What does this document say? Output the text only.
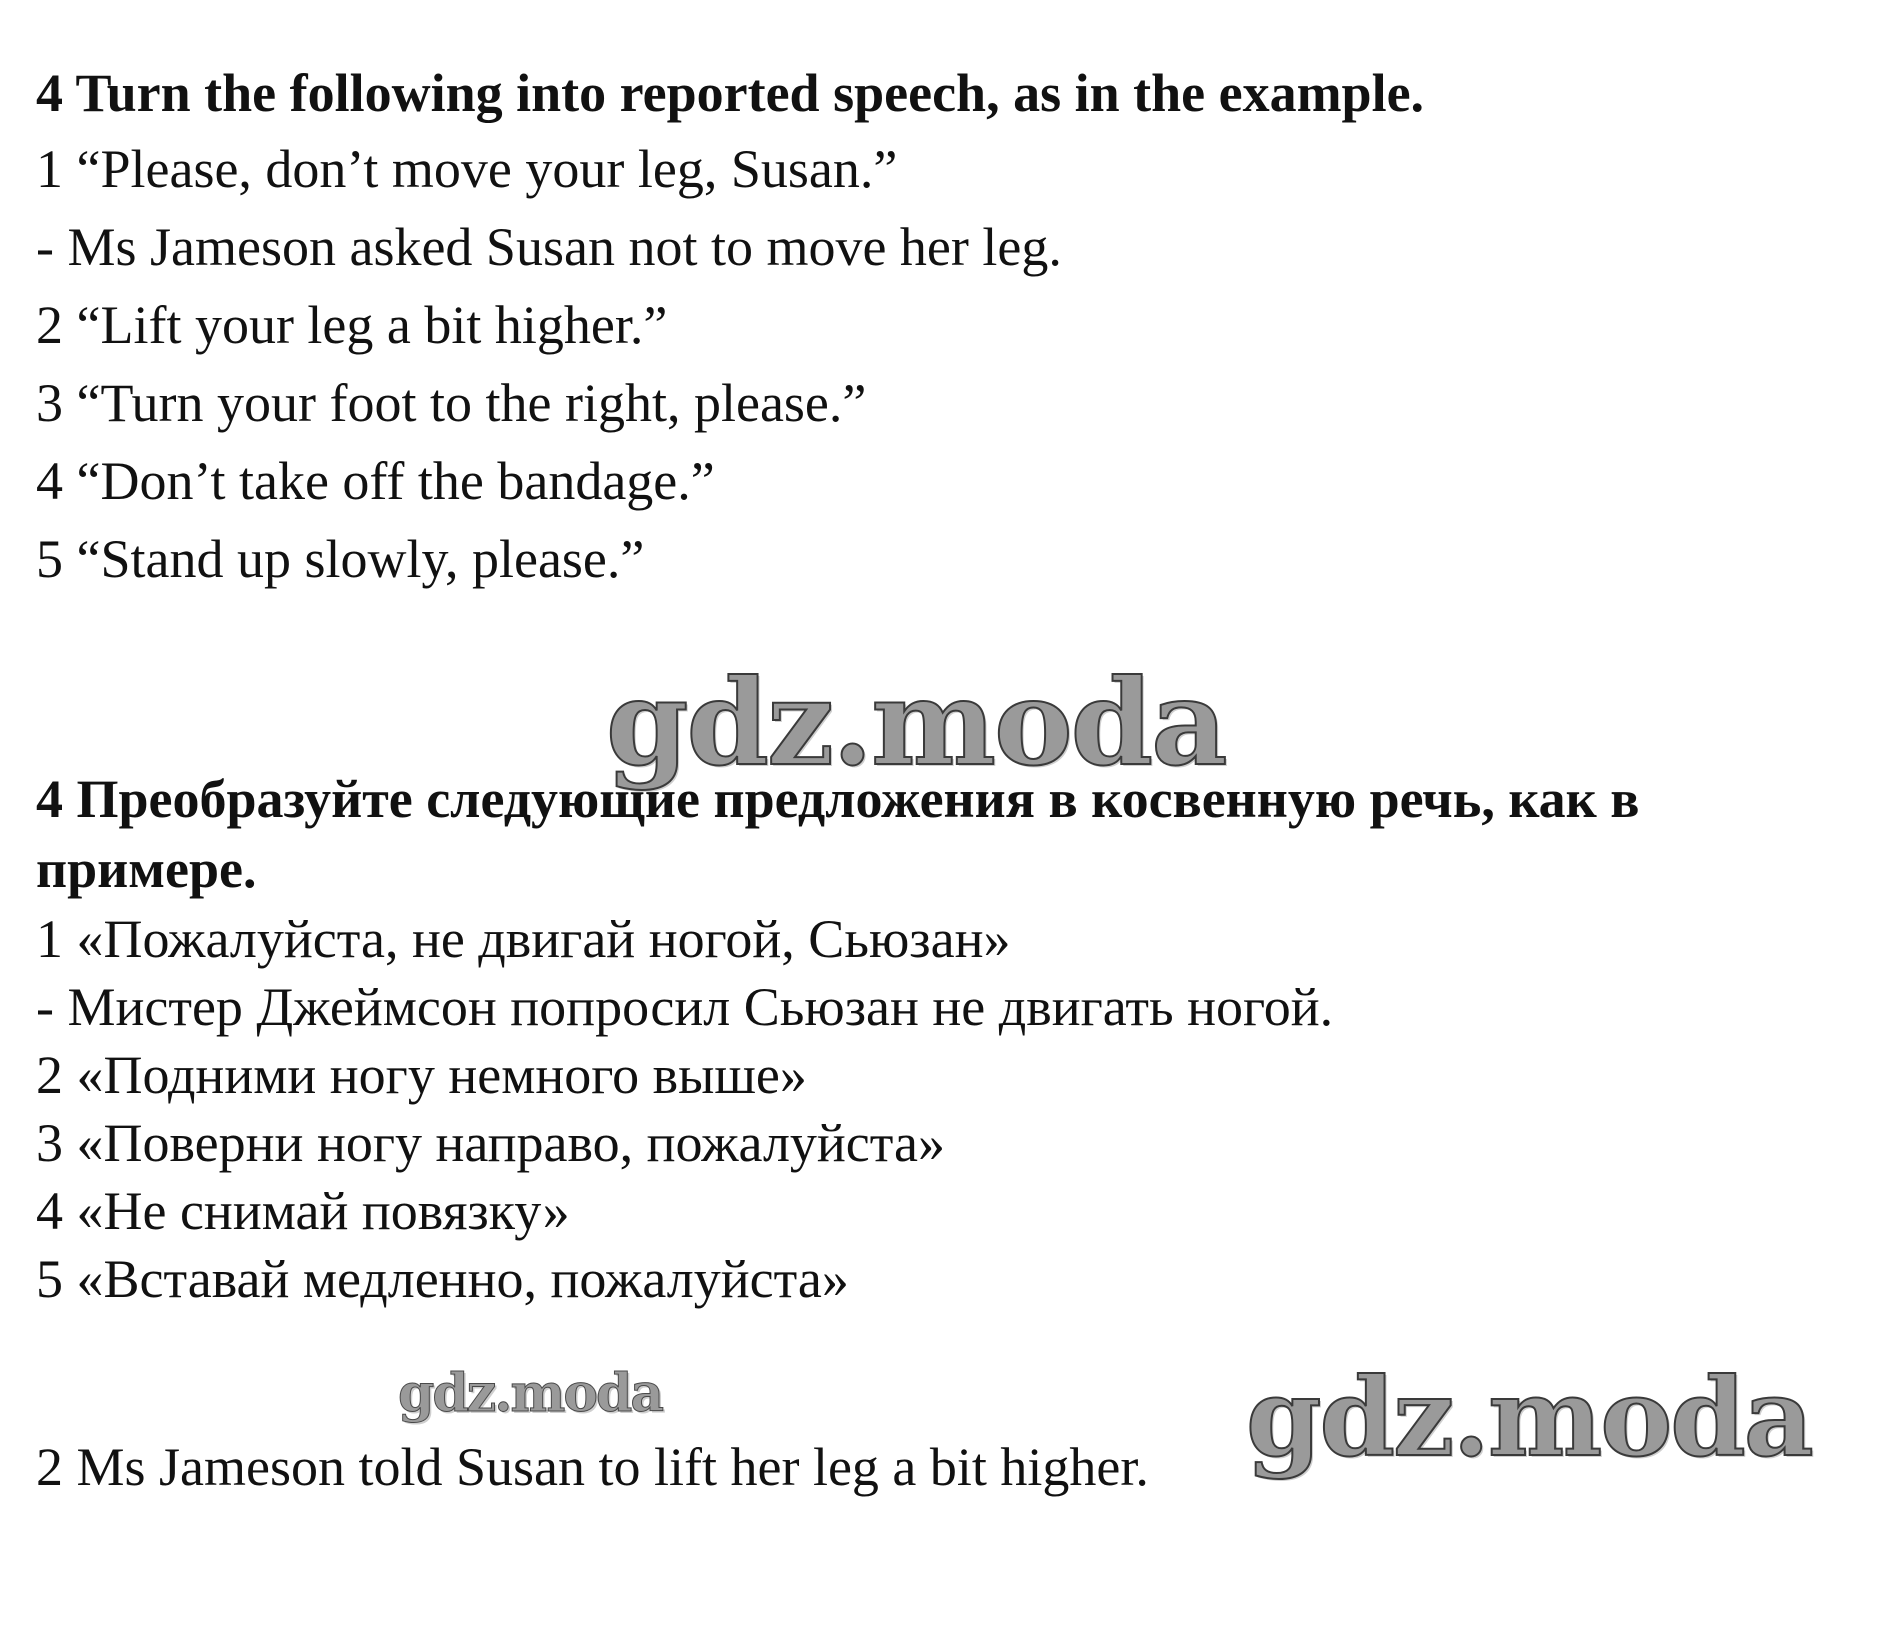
4 Turn the following into reported speech, as in the example.
1 “Please, don’t move your leg, Susan.”
- Ms Jameson asked Susan not to move her leg.
2 “Lift your leg a bit higher.”
3 “Turn your foot to the right, please.”
4 “Don’t take off the bandage.”
5 “Stand up slowly, please.”
gdz.moda
4 Преобразуйте следующие предложения в косвенную речь, как в
примере.
1 «Пожалуйста, не двигай ногой, Сьюзан»
- Мистер Джеймсон попросил Сьюзан не двигать ногой.
2 «Подними ногу немного выше»
3 «Поверни ногу направо, пожалуйста»
4 «Не снимай повязку»
5 «Вставай медленно, пожалуйста»
gdz.moda
2 Ms Jameson told Susan to lift her leg a bit higher. gdz.moda
